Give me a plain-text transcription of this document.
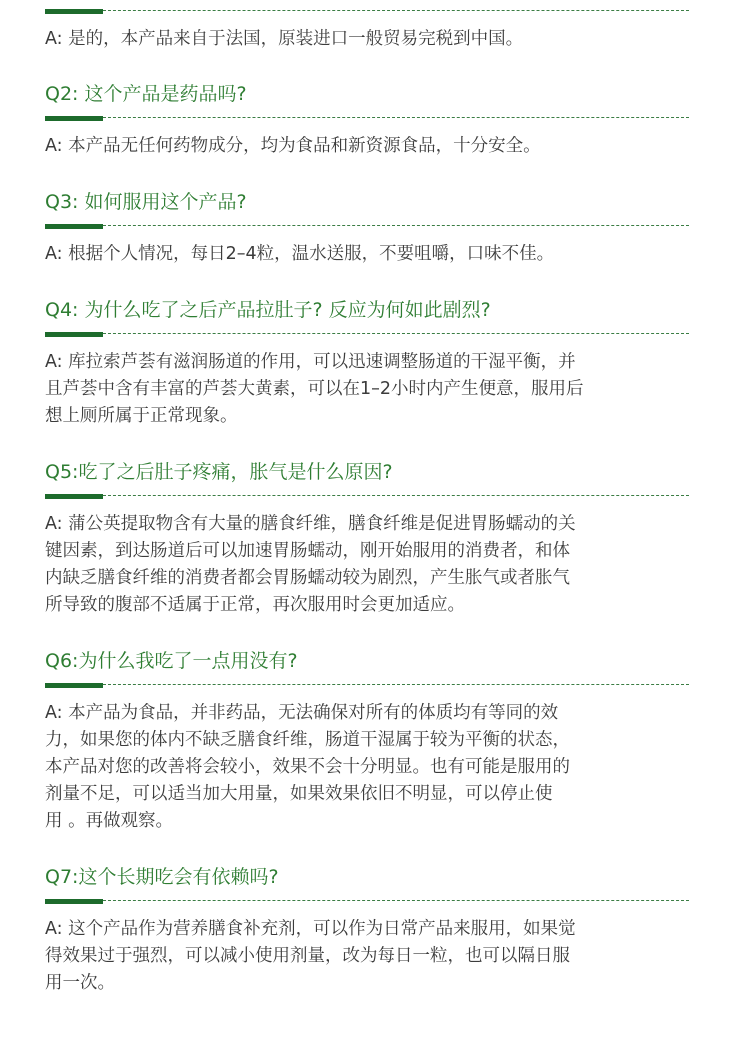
A: 是的，本产品来自于法国，原装进口一般贸易完税到中国。
Q2: 这个产品是药品吗?
A: 本产品无任何药物成分，均为食品和新资源食品，十分安全。
Q3: 如何服用这个产品?
A: 根据个人情况，每日2–4粒，温水送服，不要咀嚼，口味不佳。
Q4: 为什么吃了之后产品拉肚子? 反应为何如此剧烈?
A: 库拉索芦荟有滋润肠道的作用，可以迅速调整肠道的干湿平衡，并
且芦荟中含有丰富的芦荟大黄素，可以在1–2小时内产生便意，服用后
想上厕所属于正常现象。
Q5:吃了之后肚子疼痛，胀气是什么原因?
A: 蒲公英提取物含有大量的膳食纤维，膳食纤维是促进胃肠蠕动的关
键因素，到达肠道后可以加速胃肠蠕动，刚开始服用的消费者，和体
内缺乏膳食纤维的消费者都会胃肠蠕动较为剧烈，产生胀气或者胀气
所导致的腹部不适属于正常，再次服用时会更加适应。
Q6:为什么我吃了一点用没有?
A: 本产品为食品，并非药品，无法确保对所有的体质均有等同的效
力，如果您的体内不缺乏膳食纤维，肠道干湿属于较为平衡的状态，
本产品对您的改善将会较小，效果不会十分明显。也有可能是服用的
剂量不足，可以适当加大用量，如果效果依旧不明显，可以停止使
用 。再做观察。
Q7:这个长期吃会有依赖吗?
A: 这个产品作为营养膳食补充剂，可以作为日常产品来服用，如果觉
得效果过于强烈，可以减小使用剂量，改为每日一粒，也可以隔日服
用一次。
